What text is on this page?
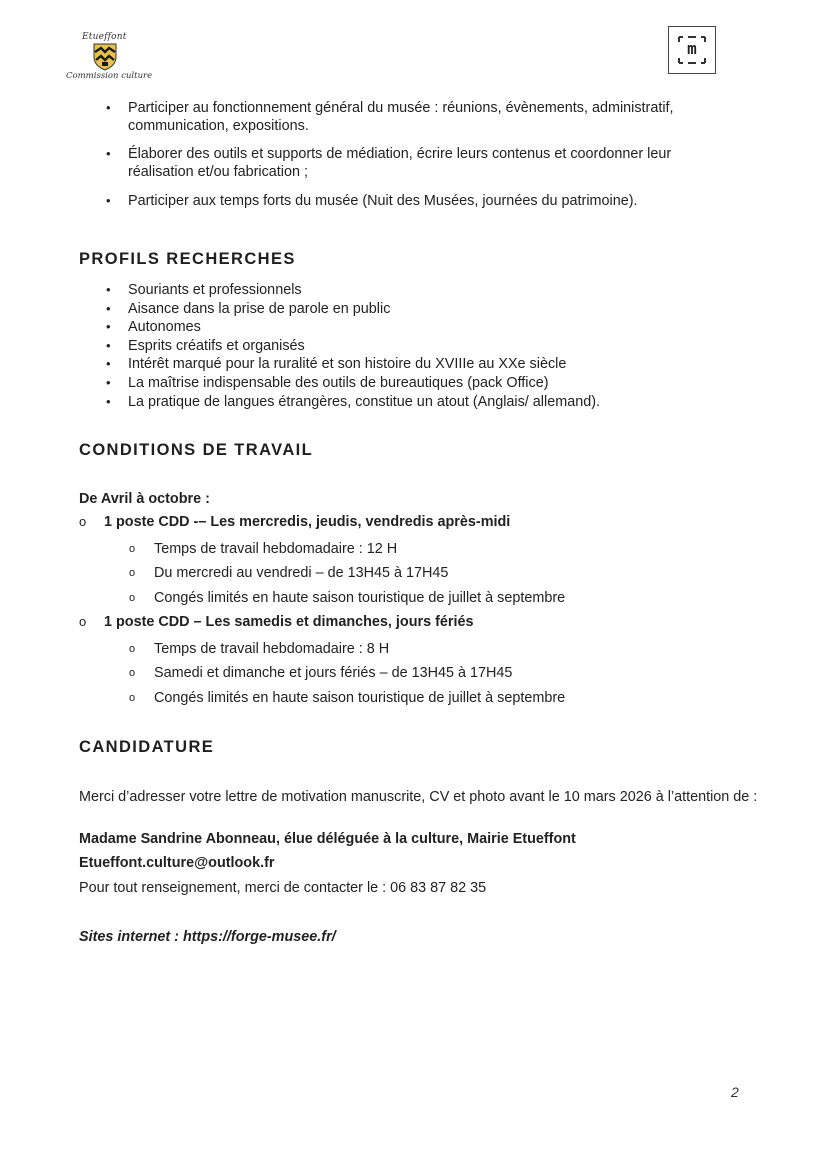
Etueffont
Commission culture
m
• Participer au fonctionnement général du musée : réunions, évènements, administratif, communication, expositions.
• Élaborer des outils et supports de médiation, écrire leurs contenus et coordonner leur réalisation et/ou fabrication ;
• Participer aux temps forts du musée (Nuit des Musées, journées du patrimoine).
PROFILS RECHERCHES
• Souriants et professionnels
• Aisance dans la prise de parole en public
• Autonomes
• Esprits créatifs et organisés
• Intérêt marqué pour la ruralité et son histoire du XVIIIe au XXe siècle
• La maîtrise indispensable des outils de bureautiques (pack Office)
• La pratique de langues étrangères, constitue un atout (Anglais/ allemand).
CONDITIONS DE TRAVAIL
De Avril à octobre :
o 1 poste CDD -– Les mercredis, jeudis, vendredis après-midi
o Temps de travail hebdomadaire : 12 H
o Du mercredi au vendredi – de 13H45 à 17H45
o Congés limités en haute saison touristique de juillet à septembre
o 1 poste CDD – Les samedis et dimanches, jours fériés
o Temps de travail hebdomadaire : 8 H
o Samedi et dimanche et jours fériés – de 13H45 à 17H45
o Congés limités en haute saison touristique de juillet à septembre
CANDIDATURE
Merci d’adresser votre lettre de motivation manuscrite, CV et photo avant le 10 mars 2026 à l’attention de :
Madame Sandrine Abonneau, élue déléguée à la culture, Mairie Etueffont
Etueffont.culture@outlook.fr
Pour tout renseignement, merci de contacter le : 06 83 87 82 35
Sites internet : https://forge-musee.fr/
2
